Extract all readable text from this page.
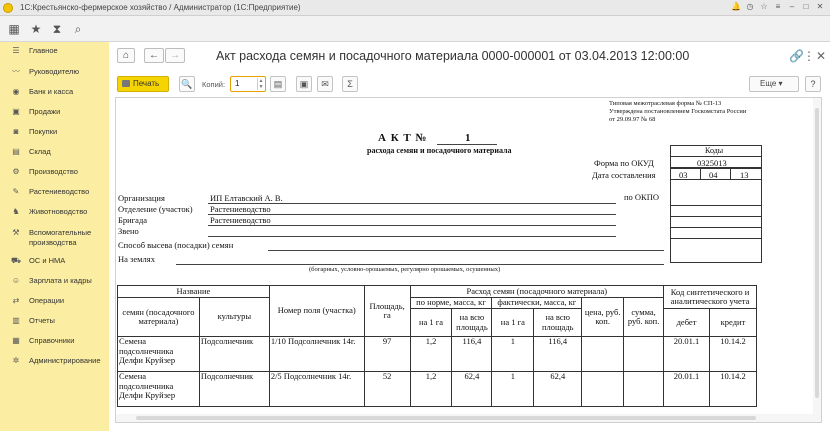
1С:Крестьянско-фермерское хозяйство / Администратор (1С:Предприятие)	🔔 ◷ ☆	≡	–	□	✕
▦ ★ ⧗	⌕
☰ Главное
〰 Руководителю
◉ Банк и касса
▣ Продажи
◙	Покупки
▤ Склад
⚙ Производство
✎ Растениеводство
♞ Животноводство
⚒ Вспомогательные производства
⛟ ОС и НМА
☺ Зарплата и кадры
⇄ Операции
▥ Отчеты
▦ Справочники
✲ Администрирование
⌂	←	→	Акт расхода семян и посадочного материала 0000-000001 от 03.04.2013 12:00:00	🔗 ⋮ ✕
Печать	🔍	Копий:	1	▲
▼	▤	▣	✉	Σ	Еще ▾	?
Типовая межотраслевая форма № СП-13
Утверждена постановлением Госкомстата России
от 29.09.97 № 68
А К Т №	1
расхода семян и посадочного материала	Коды
Форма по ОКУД	0325013
Дата составления	03	04	13
по ОКПО
Организация	ИП Елтавский А. В.
Отделение (участок) Растениеводство
Бригада	Растениеводство
Звено
Способ высева (посадки) семян
На землях
(богарных, условно-орошаемых, регулярно орошаемых, осушенных)
Название		Номер поля (участка)	Площадь, га	Расход семян (посадочного материала)						Код синтетического и аналитического учета	
семян (посадочного материала)	культуры			по норме, масса, кг		фактически, масса, кг		цена, руб. коп.	сумма, руб. коп.		
				на 1 га	на всю площадь	на 1 га	на всю площадь			дебет	кредит
Семена подсолнечника Делфи Круйзер	Подсолнечник	1/10 Подсолнечник 14г.	97	1,2	116,4	1	116,4			20.01.1	10.14.2
Семена подсолнечника Делфи Круйзер	Подсолнечник	2/5 Подсолнечник 14г.	52	1,2	62,4	1	62,4			20.01.1	10.14.2
